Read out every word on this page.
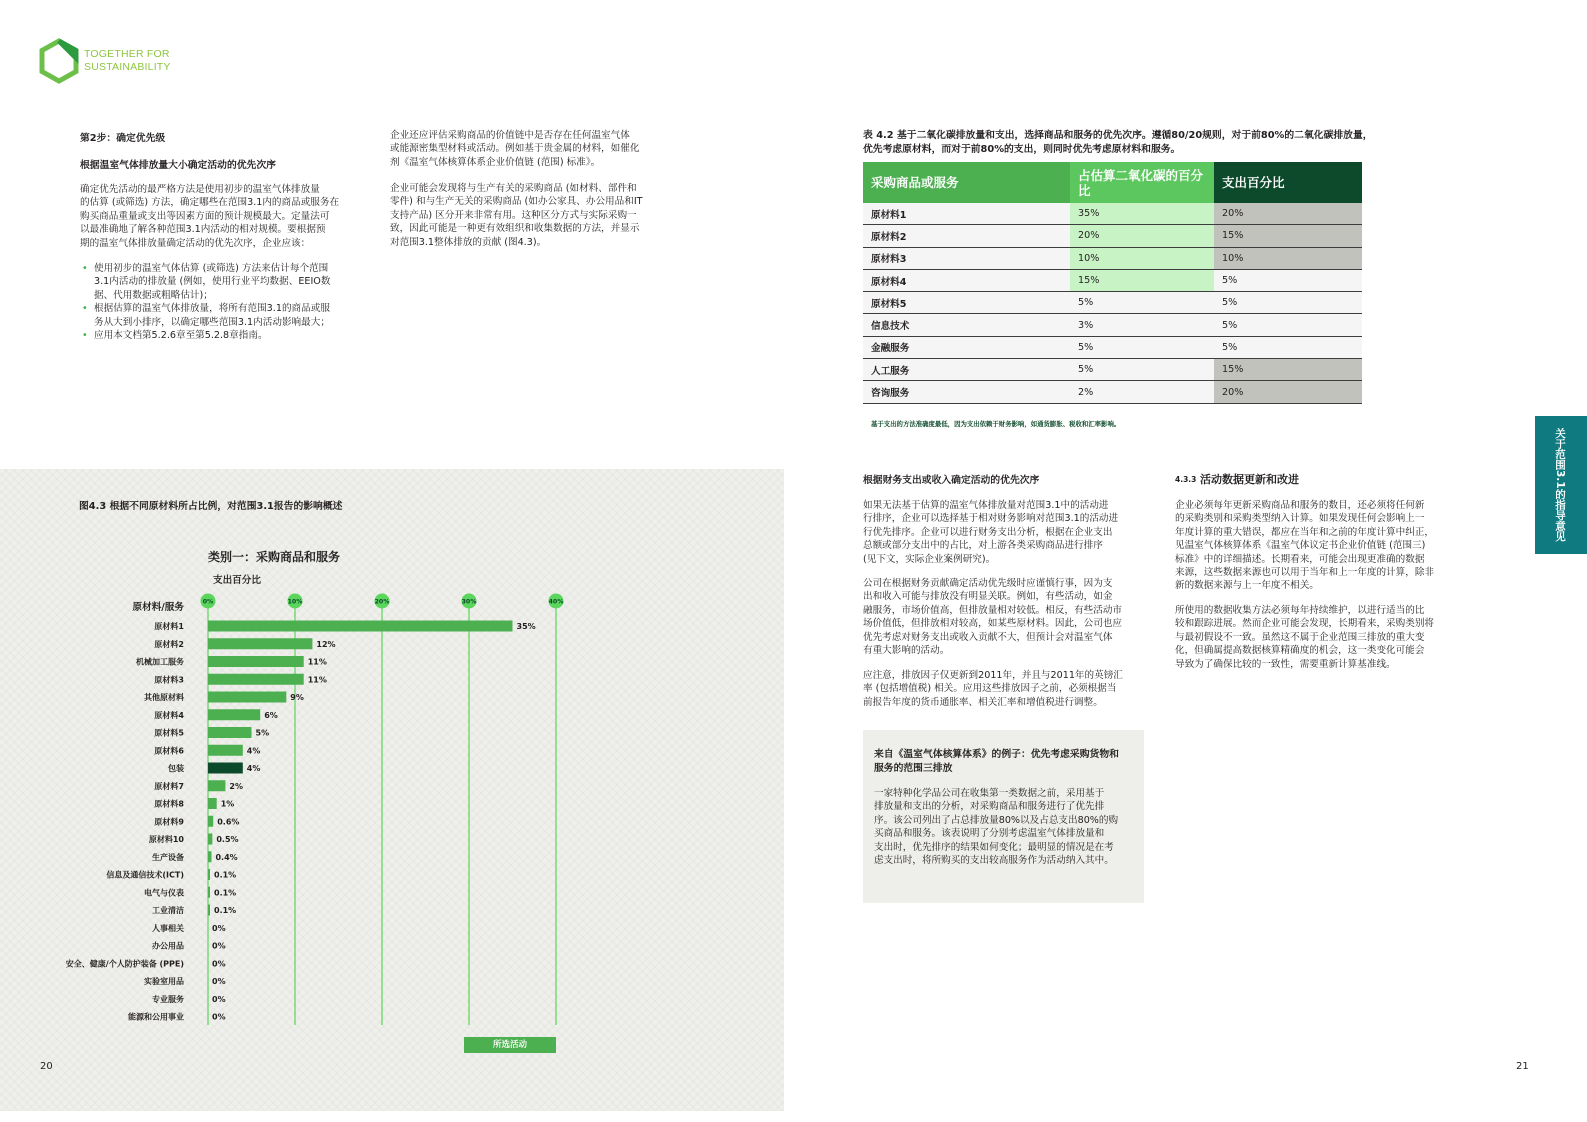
TOGETHER FOR
SUSTAINABILITY
第2步：确定优先级
根据温室气体排放量大小确定活动的优先次序
确定优先活动的最严格方法是使用初步的温室气体排放量
的估算 (或筛选) 方法，确定哪些在范围3.1内的商品或服务在
购买商品重量或支出等因素方面的预计规模最大。定量法可
以最准确地了解各种范围3.1内活动的相对规模。要根据预
期的温室气体排放量确定活动的优先次序，企业应该：
• 使用初步的温室气体估算 (或筛选) 方法来估计每个范围
3.1内活动的排放量 (例如，使用行业平均数据、EEIO数
据、代用数据或粗略估计)；
• 根据估算的温室气体排放量，将所有范围3.1的商品或服
务从大到小排序，以确定哪些范围3.1内活动影响最大；
• 应用本文档第5.2.6章至第5.2.8章指南。
企业还应评估采购商品的价值链中是否存在任何温室气体
或能源密集型材料或活动。例如基于贵金属的材料，如催化
剂《温室气体核算体系企业价值链 (范围) 标准》。
企业可能会发现将与生产有关的采购商品 (如材料、部件和
零件) 和与生产无关的采购商品 (如办公家具、办公用品和IT
支持产品) 区分开来非常有用。这种区分方式与实际采购一
致，因此可能是一种更有效组织和收集数据的方法，并显示
对范围3.1整体排放的贡献 (图4.3)。
表 4.2 基于二氧化碳排放量和支出，选择商品和服务的优先次序。遵循80/20规则，对于前80%的二氧化碳排放量，
优先考虑原材料，而对于前80%的支出，则同时优先考虑原材料和服务。
采购商品或服务	占估算二氧化碳的百分比	支出百分比
原材料1	35%	20%
原材料2	20%	15%
原材料3	10%	10%
原材料4	15%	5%
原材料5	5%	5%
信息技术	3%	5%
金融服务	5%	5%
人工服务	5%	15%
咨询服务	2%	20%
基于支出的方法准确度最低，因为支出依赖于财务影响，如通货膨胀、税收和汇率影响。
关于范围3.1的指导意见
图4.3 根据不同原材料所占比例，对范围3.1报告的影响概述
类别一：采购商品和服务
支出百分比
原材料/服务	0%	10%	20%	30%	40%
原材料1	35%
原材料2	12%
机械加工服务	11%
原材料3	11%
其他原材料	9%
原材料4	6%
原材料5	5%
原材料6	4%
包装	4%
原材料7	2%
原材料8	1%
原材料9	0.6%
原材料10	0.5%
生产设备	0.4%
信息及通信技术(ICT)	0.1%
电气与仪表	0.1%
工业清洁	0.1%
人事相关	0%
办公用品	0%
安全、健康/个人防护装备 (PPE)	0%
实验室用品	0%
专业服务	0%
能源和公用事业	0%
所选活动
20	21
根据财务支出或收入确定活动的优先次序
如果无法基于估算的温室气体排放量对范围3.1中的活动进
行排序，企业可以选择基于相对财务影响对范围3.1的活动进
行优先排序。企业可以进行财务支出分析，根据在企业支出
总额或部分支出中的占比，对上游各类采购商品进行排序
(见下文，实际企业案例研究)。
公司在根据财务贡献确定活动优先级时应谨慎行事，因为支
出和收入可能与排放没有明显关联。例如，有些活动，如金
融服务，市场价值高，但排放量相对较低。相反，有些活动市
场价值低，但排放相对较高，如某些原材料。因此，公司也应
优先考虑对财务支出或收入贡献不大，但预计会对温室气体
有重大影响的活动。
应注意，排放因子仅更新到2011年，并且与2011年的英镑汇
率 (包括增值税) 相关。应用这些排放因子之前，必须根据当
前报告年度的货币通胀率、相关汇率和增值税进行调整。
来自《温室气体核算体系》的例子：优先考虑采购货物和
服务的范围三排放
一家特种化学品公司在收集第一类数据之前，采用基于
排放量和支出的分析，对采购商品和服务进行了优先排
序。该公司列出了占总排放量80%以及占总支出80%的购
买商品和服务。该表说明了分别考虑温室气体排放量和
支出时，优先排序的结果如何变化；最明显的情况是在考
虑支出时，将所购买的支出较高服务作为活动纳入其中。
4.3.3 活动数据更新和改进
企业必须每年更新采购商品和服务的数目，还必须将任何新
的采购类别和采购类型纳入计算。如果发现任何会影响上一
年度计算的重大错误，都应在当年和之前的年度计算中纠正，
见温室气体核算体系《温室气体议定书企业价值链 (范围三)
标准》中的详细描述。长期看来，可能会出现更准确的数据
来源，这些数据来源也可以用于当年和上一年度的计算，除非
新的数据来源与上一年度不相关。
所使用的数据收集方法必须每年持续维护，以进行适当的比
较和跟踪进展。然而企业可能会发现，长期看来，采购类别将
与最初假设不一致。虽然这不属于企业范围三排放的重大变
化，但确属提高数据核算精确度的机会，这一类变化可能会
导致为了确保比较的一致性，需要重新计算基准线。
